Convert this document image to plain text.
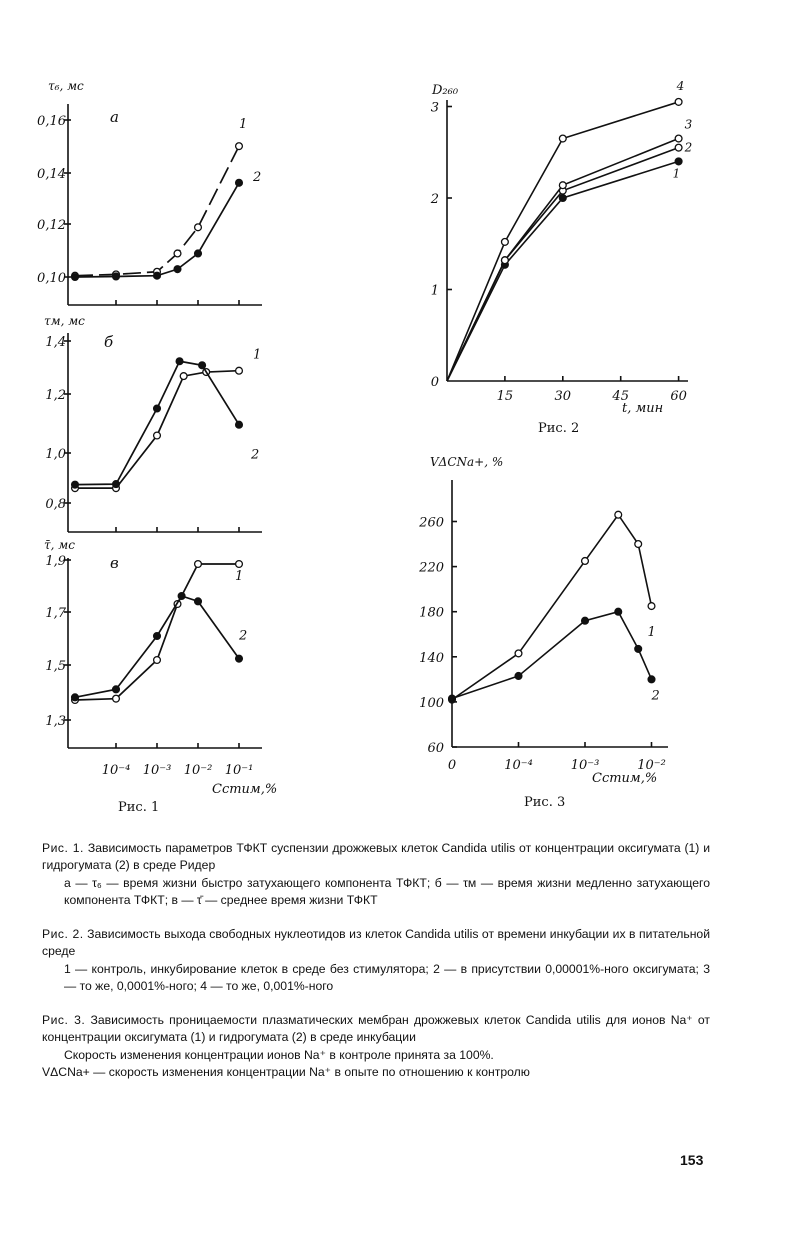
0,10
0,12
0,14
0,16
τ₆, мс
а	1
2
0,8
1,0
1,2
1,4
τм, мс
б
1
2
1,3
1,5
1,7
1,9
τ̄, мс
в
1
2
10⁻⁴ 10⁻³ 10⁻² 10⁻¹
Cстим,%
Рис. 1
0
1
2
3
15	30	45	60
D₂₆₀
t, мин
1
2
3
4
Рис. 2
60
100
140
180
220
260
0	10⁻⁴	10⁻³	10⁻²
VΔCNa+, %
Cстим,%
1
2
Рис. 3

Рис. 1. Зависимость параметров ТФКТ суспензии дрожжевых клеток Candida utilis от концентрации оксигумата (1) и гидрогумата (2) в среде Ридер

а — τ₆ — время жизни быстро затухающего компонента ТФКТ; б — τм — время жизни медленно затухающего компонента ТФКТ; в — τ̄ — среднее время жизни ТФКТ

Рис. 2. Зависимость выхода свободных нуклеотидов из клеток Candida utilis от времени инкубации их в питательной среде

1 — контроль, инкубирование клеток в среде без стимулятора; 2 — в присутствии 0,00001%-ного оксигумата; 3 — то же, 0,0001%-ного; 4 — то же, 0,001%-ного

Рис. 3. Зависимость проницаемости плазматических мембран дрожжевых клеток Candida utilis для ионов Na⁺ от концентрации оксигумата (1) и гидрогумата (2) в среде инкубации

Скорость изменения концентрации ионов Na⁺ в контроле принята за 100%.

VΔCNa+ — скорость изменения концентрации Na⁺ в опыте по отношению к контролю

153
